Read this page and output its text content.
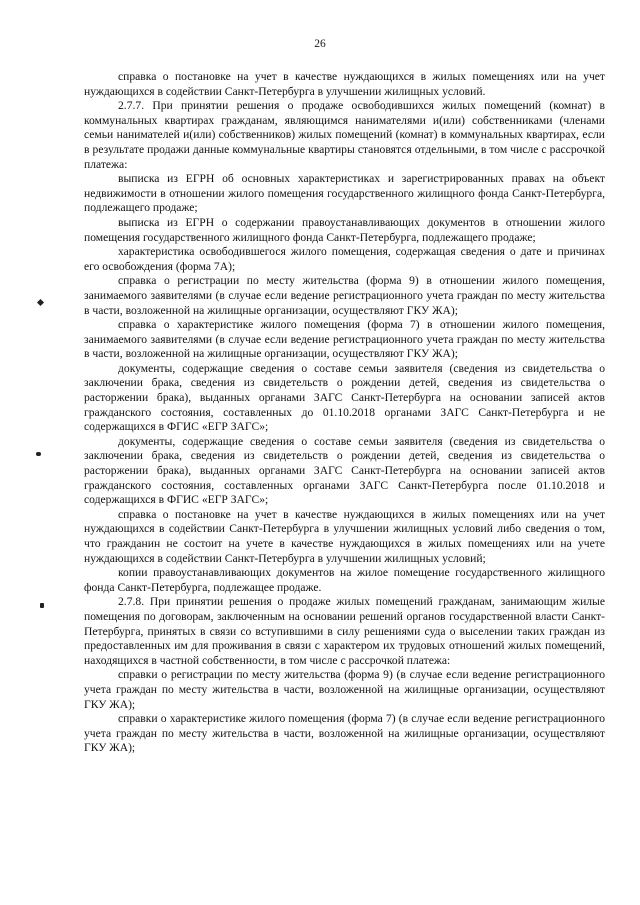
26

справка о постановке на учет в качестве нуждающихся в жилых помещениях или на учет нуждающихся в содействии Санкт-Петербурга в улучшении жилищных условий.

2.7.7. При принятии решения о продаже освободившихся жилых помещений (комнат) в коммунальных квартирах гражданам, являющимся нанимателями и(или) собственниками (членами семьи нанимателей и(или) собственников) жилых помещений (комнат) в коммунальных квартирах, если в результате продажи данные коммунальные квартиры становятся отдельными, в том числе с рассрочкой платежа:

выписка из ЕГРН об основных характеристиках и зарегистрированных правах на объект недвижимости в отношении жилого помещения государственного жилищного фонда Санкт-Петербурга, подлежащего продаже;

выписка из ЕГРН о содержании правоустанавливающих документов в отношении жилого помещения государственного жилищного фонда Санкт-Петербурга, подлежащего продаже;

характеристика освободившегося жилого помещения, содержащая сведения о дате и причинах его освобождения (форма 7А);

справка о регистрации по месту жительства (форма 9) в отношении жилого помещения, занимаемого заявителями (в случае если ведение регистрационного учета граждан по месту жительства в части, возложенной на жилищные организации, осуществляют ГКУ ЖА);

справка о характеристике жилого помещения (форма 7) в отношении жилого помещения, занимаемого заявителями (в случае если ведение регистрационного учета граждан по месту жительства в части, возложенной на жилищные организации, осуществляют ГКУ ЖА);

документы, содержащие сведения о составе семьи заявителя (сведения из свидетельства о заключении брака, сведения из свидетельств о рождении детей, сведения из свидетельства о расторжении брака), выданных органами ЗАГС Санкт-Петербурга на основании записей актов гражданского состояния, составленных до 01.10.2018 органами ЗАГС Санкт-Петербурга и не содержащихся в ФГИС «ЕГР ЗАГС»;

документы, содержащие сведения о составе семьи заявителя (сведения из свидетельства о заключении брака, сведения из свидетельств о рождении детей, сведения из свидетельства о расторжении брака), выданных органами ЗАГС Санкт-Петербурга на основании записей актов гражданского состояния, составленных органами ЗАГС Санкт-Петербурга после 01.10.2018 и содержащихся в ФГИС «ЕГР ЗАГС»;

справка о постановке на учет в качестве нуждающихся в жилых помещениях или на учет нуждающихся в содействии Санкт-Петербурга в улучшении жилищных условий либо сведения о том, что гражданин не состоит на учете в качестве нуждающихся в жилых помещениях или на учете нуждающихся в содействии Санкт-Петербурга в улучшении жилищных условий;

копии правоустанавливающих документов на жилое помещение государственного жилищного фонда Санкт-Петербурга, подлежащее продаже.

2.7.8. При принятии решения о продаже жилых помещений гражданам, занимающим жилые помещения по договорам, заключенным на основании решений органов государственной власти Санкт-Петербурга, принятых в связи со вступившими в силу решениями суда о выселении таких граждан из предоставленных им для проживания в связи с характером их трудовых отношений жилых помещений, находящихся в частной собственности, в том числе с рассрочкой платежа:

справки о регистрации по месту жительства (форма 9) (в случае если ведение регистрационного учета граждан по месту жительства в части, возложенной на жилищные организации, осуществляют ГКУ ЖА);

справки о характеристике жилого помещения (форма 7) (в случае если ведение регистрационного учета граждан по месту жительства в части, возложенной на жилищные организации, осуществляют ГКУ ЖА);
